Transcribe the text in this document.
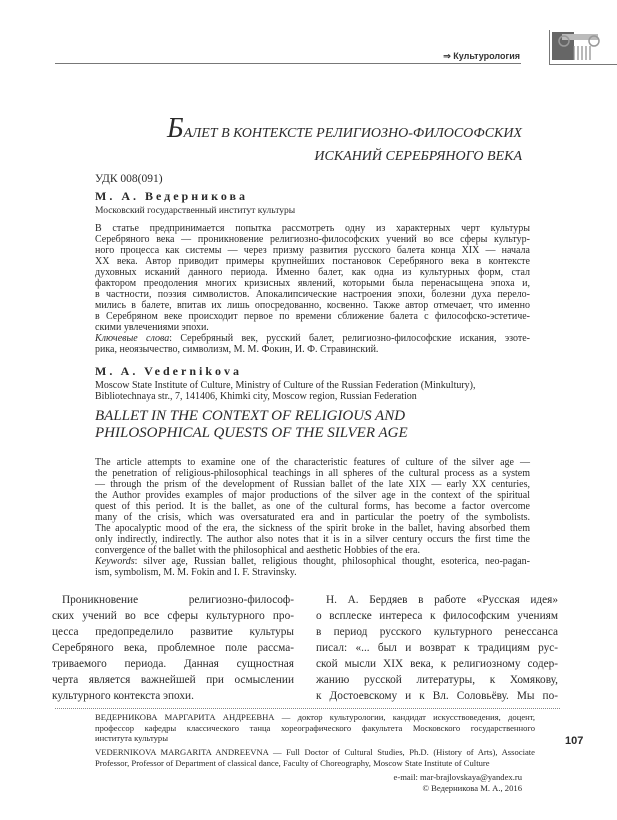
⇒ Культурология
БАЛЕТ В КОНТЕКСТЕ РЕЛИГИОЗНО-ФИЛОСОФСКИХ
ИСКАНИЙ СЕРЕБРЯНОГО ВЕКА
УДК 008(091)
М. А. Ведерникова
Московский государственный институт культуры
В статье предпринимается попытка рассмотреть одну из характерных черт культуры
Серебряного века — проникновение религиозно-философских учений во все сферы культур-
ного процесса как системы — через призму развития русского балета конца XIX — начала
XX века. Автор приводит примеры крупнейших постановок Серебряного века в контексте
духовных исканий данного периода. Именно балет, как одна из культурных форм, стал
фактором преодоления многих кризисных явлений, которыми была перенасыщена эпоха и,
в частности, поэзия символистов. Апокалипсические настроения эпохи, болезни духа перело-
мились в балете, впитав их лишь опосредованно, косвенно. Также автор отмечает, что именно
в Серебряном веке происходит первое по времени сближение балета с философско-эстетиче-
скими увлечениями эпохи.
Ключевые слова: Серебряный век, русский балет, религиозно-философские искания, эзоте-
рика, неоязычество, символизм, М. М. Фокин, И. Ф. Стравинский.
M. A. Vedernikova
Moscow State Institute of Culture, Ministry of Culture of the Russian Federation (Minkultury),
Bibliotechnaya str., 7, 141406, Khimki city, Moscow region, Russian Federation
BALLET IN THE CONTEXT OF RELIGIOUS AND
PHILOSOPHICAL QUESTS OF THE SILVER AGE
The article attempts to examine one of the characteristic features of culture of the silver age —
the penetration of religious-philosophical teachings in all spheres of the cultural process as a system
— through the prism of the development of Russian ballet of the late XIX — early XX centuries,
the Author provides examples of major productions of the silver age in the context of the spiritual
quest of this period. It is the ballet, as one of the cultural forms, has become a factor overcome
many of the crisis, which was oversaturated era and in particular the poetry of the symbolists.
The apocalyptic mood of the era, the sickness of the spirit broke in the ballet, having absorbed them
only indirectly, indirectly. The author also notes that it is in a silver century occurs the first time the
convergence of the ballet with the philosophical and aesthetic Hobbies of the era.
Keywords: silver age, Russian ballet, religious thought, philosophical thought, esoterica, neo-pagan-
ism, symbolism, M. M. Fokin and I. F. Stravinsky.
Проникновение религиозно-философ-
ских учений во все сферы культурного про-
цесса предопределило развитие культуры
Серебряного века, проблемное поле рассма-
триваемого периода. Данная сущностная
черта является важнейшей при осмыслении
культурного контекста эпохи.
Н. А. Бердяев в работе «Русская идея»
о всплеске интереса к философским учениям
в период русского культурного ренессанса
писал: «... был и возврат к традициям рус-
ской мысли XIX века, к религиозному содер-
жанию русской литературы, к Хомякову,
к Достоевскому и к Вл. Соловьёву. Мы по-
ВЕДЕРНИКОВА МАРГАРИТА АНДРЕЕВНА — доктор культурологии, кандидат искусствоведения, доцент,
профессор кафедры классического танца хореографического факультета Московского государственного
института культуры
VEDERNIKOVA MARGARITA ANDREEVNA — Full Doctor of Cultural Studies, Ph.D. (History of Arts), Associate
Professor, Professor of Department of classical dance, Faculty of Choreography, Moscow State Institute of Culture
e-mail: mar-brajlovskaya@yandex.ru
© Ведерникова М. А., 2016
107
